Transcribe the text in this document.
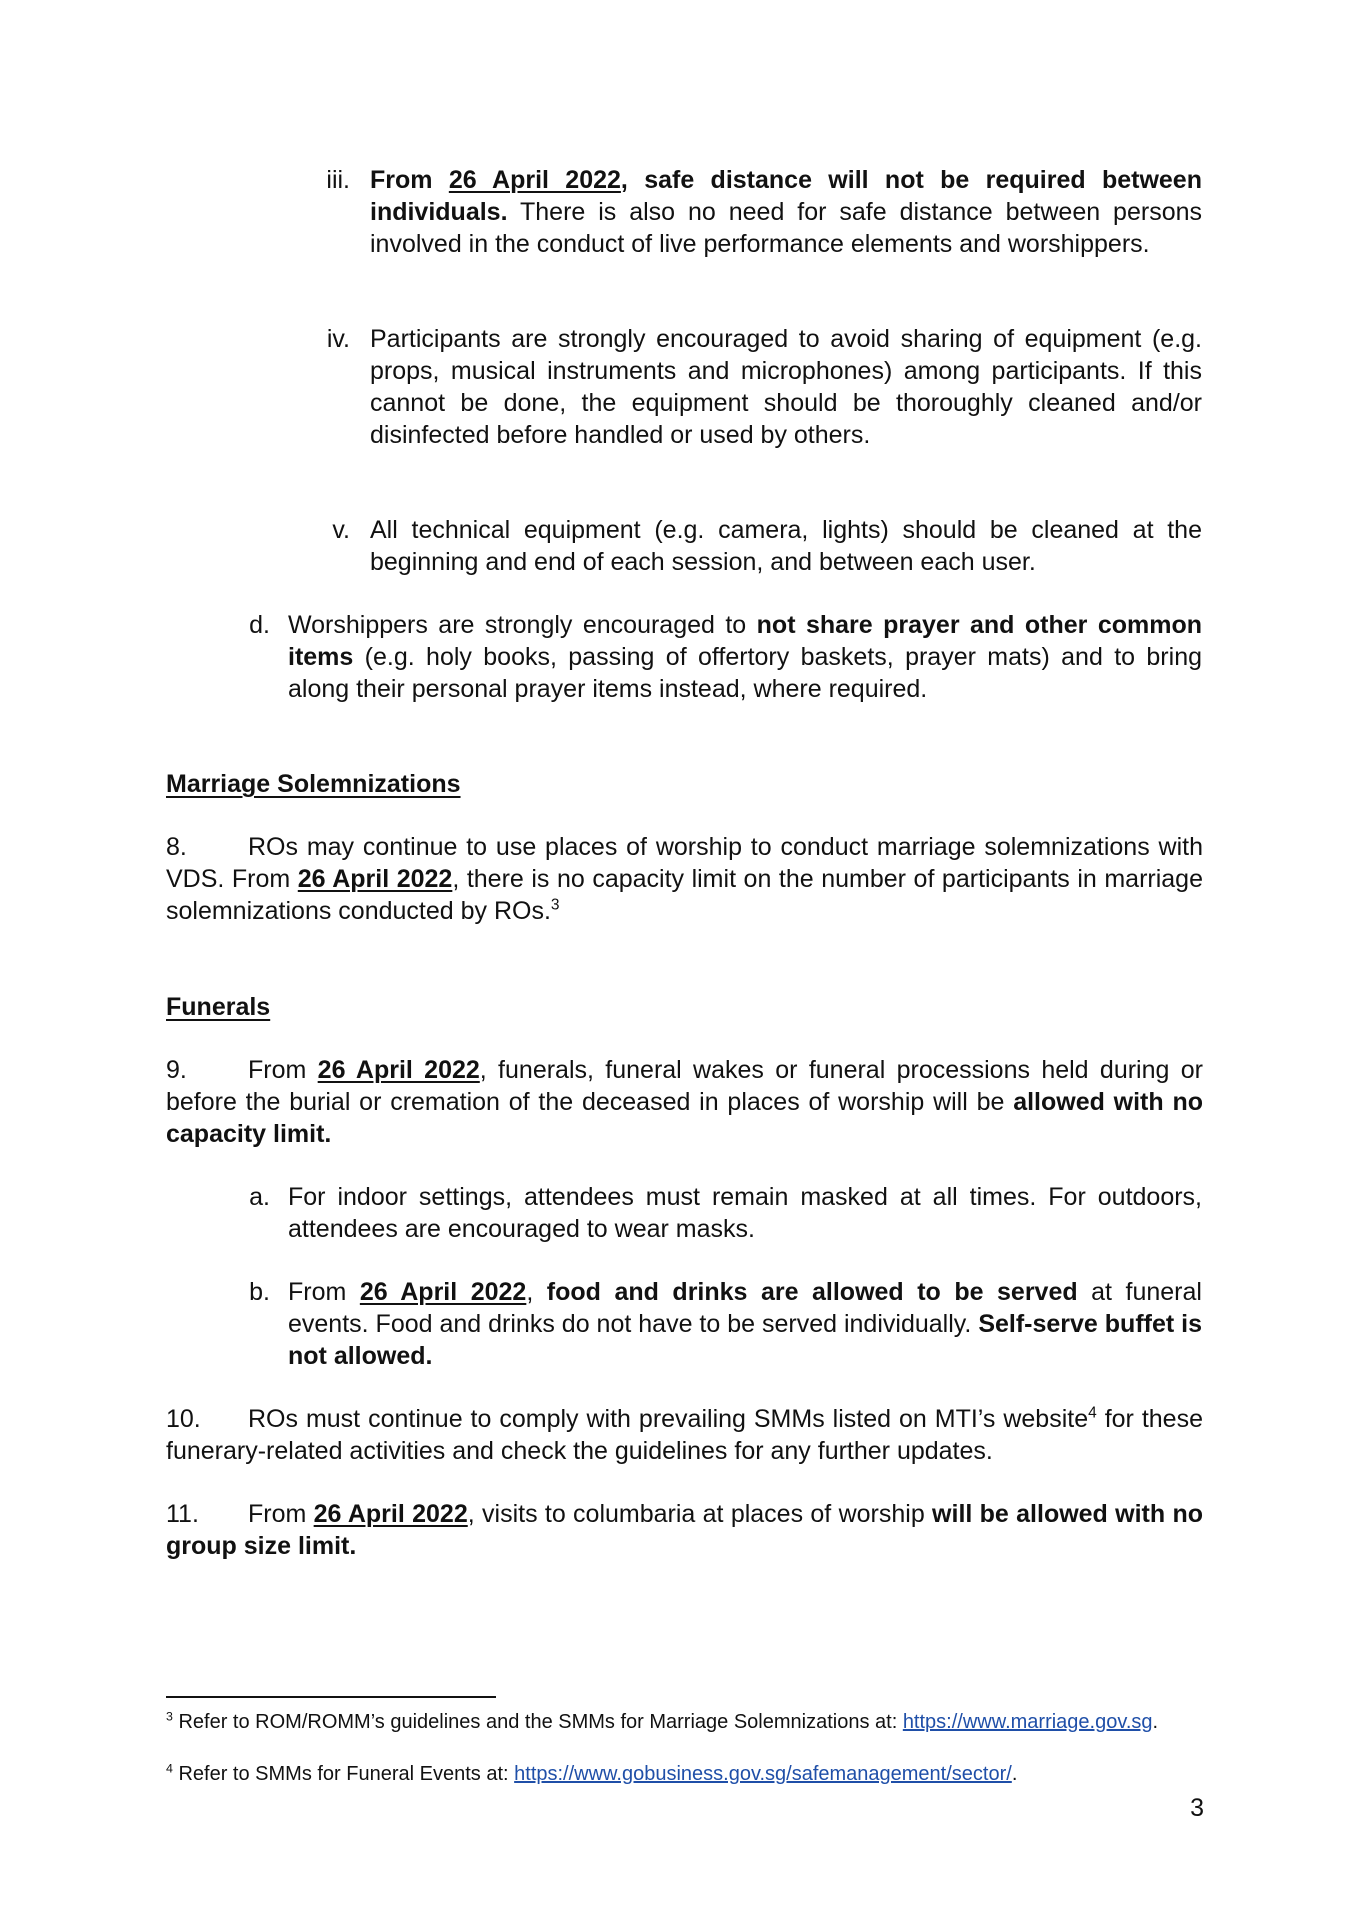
iii. From 26 April 2022, safe distance will not be required between individuals. There is also no need for safe distance between persons involved in the conduct of live performance elements and worshippers.
iv. Participants are strongly encouraged to avoid sharing of equipment (e.g. props, musical instruments and microphones) among participants. If this cannot be done, the equipment should be thoroughly cleaned and/or disinfected before handled or used by others.
v. All technical equipment (e.g. camera, lights) should be cleaned at the beginning and end of each session, and between each user.
d. Worshippers are strongly encouraged to not share prayer and other common items (e.g. holy books, passing of offertory baskets, prayer mats) and to bring along their personal prayer items instead, where required.
Marriage Solemnizations
8. ROs may continue to use places of worship to conduct marriage solemnizations with VDS. From 26 April 2022, there is no capacity limit on the number of participants in marriage solemnizations conducted by ROs.$^3$
Funerals
9. From 26 April 2022, funerals, funeral wakes or funeral processions held during or before the burial or cremation of the deceased in places of worship will be allowed with no capacity limit.
a. For indoor settings, attendees must remain masked at all times. For outdoors, attendees are encouraged to wear masks.
b. From 26 April 2022, food and drinks are allowed to be served at funeral events. Food and drinks do not have to be served individually. Self-serve buffet is not allowed.
10. ROs must continue to comply with prevailing SMMs listed on MTI’s website$^4$ for these funerary-related activities and check the guidelines for any further updates.
11. From 26 April 2022, visits to columbaria at places of worship will be allowed with no group size limit.
$^3$ Refer to ROM/ROMM’s guidelines and the SMMs for Marriage Solemnizations at: https://www.marriage.gov.sg.
$^4$ Refer to SMMs for Funeral Events at: https://www.gobusiness.gov.sg/safemanagement/sector/.
3
